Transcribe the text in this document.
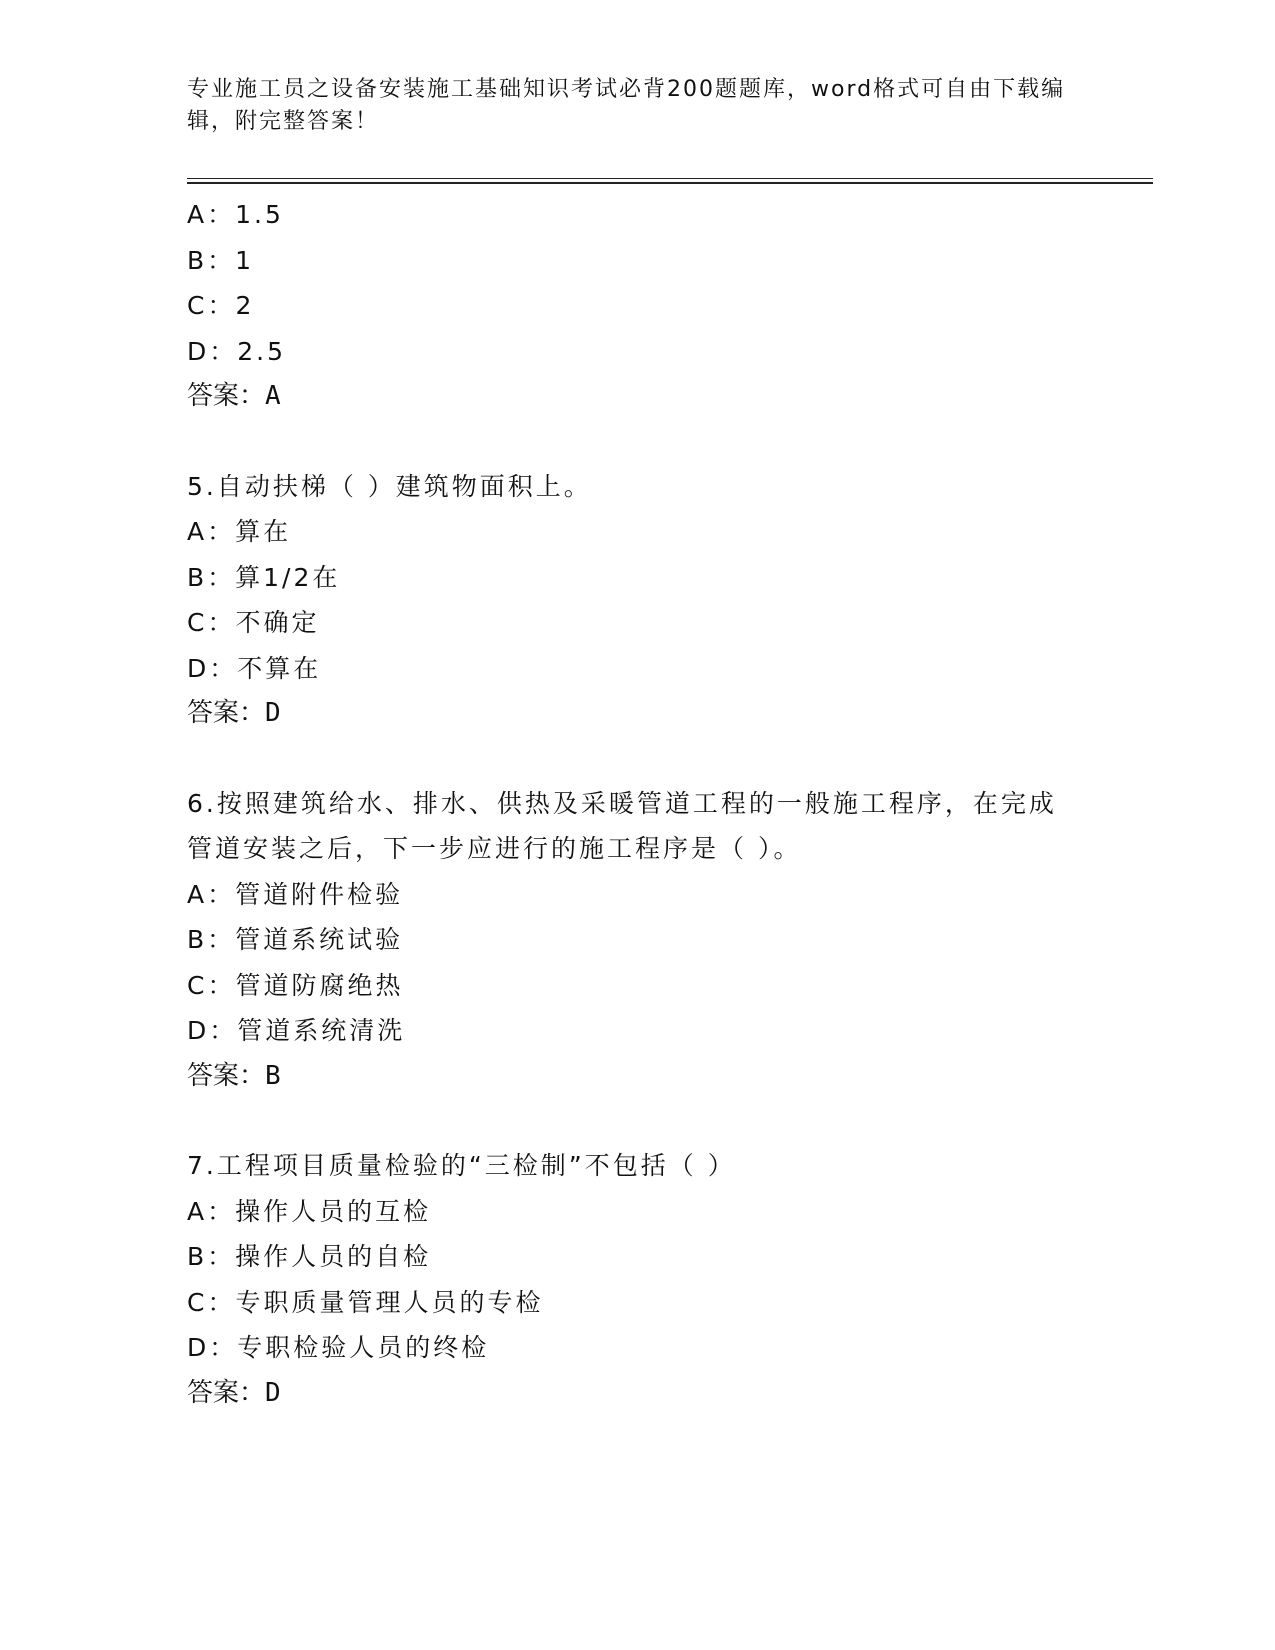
专业施工员之设备安装施工基础知识考试必背200题题库，word格式可自由下载编辑，附完整答案！
A：1.5
B：1
C：2
D：2.5
答案：A
5.自动扶梯（ ）建筑物面积上。
A：算在
B：算1/2在
C：不确定
D：不算在
答案：D
6.按照建筑给水、排水、供热及采暖管道工程的一般施工程序，在完成管道安装之后，下一步应进行的施工程序是（ ）。
A：管道附件检验
B：管道系统试验
C：管道防腐绝热
D：管道系统清洗
答案：B
7.工程项目质量检验的“三检制”不包括（ ）
A：操作人员的互检
B：操作人员的自检
C：专职质量管理人员的专检
D：专职检验人员的终检
答案：D
